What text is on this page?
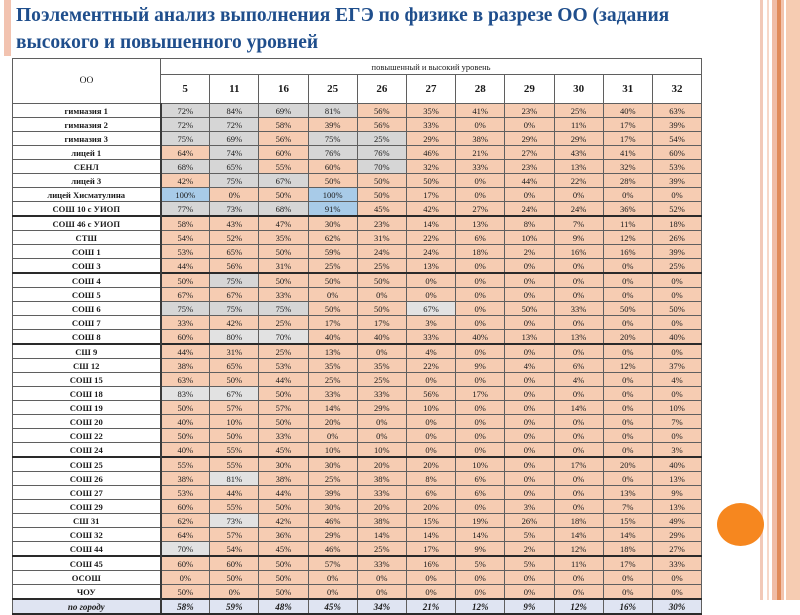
Поэлементный анализ выполнения ЕГЭ по физике в разрезе ОО (задания высокого и повышенного уровней
ОО	повышенный и высокий уровень										
	5	11	16	25	26	27	28	29	30	31	32
гимназия 1	72%	84%	69%	81%	56%	35%	41%	23%	25%	40%	63%
гимназия 2	72%	72%	58%	39%	56%	33%	0%	0%	11%	17%	39%
гимназия 3	75%	69%	56%	75%	25%	29%	38%	29%	29%	17%	54%
лицей 1	64%	74%	60%	76%	76%	46%	21%	27%	43%	41%	60%
СЕНЛ	68%	65%	55%	60%	70%	32%	33%	23%	13%	32%	53%
лицей 3	42%	75%	67%	50%	50%	50%	0%	44%	22%	28%	39%
лицей Хисматулина	100%	0%	50%	100%	50%	17%	0%	0%	0%	0%	0%
СОШ 10 с УИОП	77%	73%	68%	91%	45%	42%	27%	24%	24%	36%	52%
СОШ 46 с УИОП	58%	43%	47%	30%	23%	14%	13%	8%	7%	11%	18%
СТШ	54%	52%	35%	62%	31%	22%	6%	10%	9%	12%	26%
СОШ 1	53%	65%	50%	59%	24%	24%	18%	2%	16%	16%	39%
СОШ 3	44%	56%	31%	25%	25%	13%	0%	0%	0%	0%	25%
СОШ 4	50%	75%	50%	50%	50%	0%	0%	0%	0%	0%	0%
СОШ 5	67%	67%	33%	0%	0%	0%	0%	0%	0%	0%	0%
СОШ 6	75%	75%	75%	50%	50%	67%	0%	50%	33%	50%	50%
СОШ 7	33%	42%	25%	17%	17%	3%	0%	0%	0%	0%	0%
СОШ 8	60%	80%	70%	40%	40%	33%	40%	13%	13%	20%	40%
СШ 9	44%	31%	25%	13%	0%	4%	0%	0%	0%	0%	0%
СШ 12	38%	65%	53%	35%	35%	22%	9%	4%	6%	12%	37%
СОШ 15	63%	50%	44%	25%	25%	0%	0%	0%	4%	0%	4%
СОШ 18	83%	67%	50%	33%	33%	56%	17%	0%	0%	0%	0%
СОШ 19	50%	57%	57%	14%	29%	10%	0%	0%	14%	0%	10%
СОШ 20	40%	10%	50%	20%	0%	0%	0%	0%	0%	0%	7%
СОШ 22	50%	50%	33%	0%	0%	0%	0%	0%	0%	0%	0%
СОШ 24	40%	55%	45%	10%	10%	0%	0%	0%	0%	0%	3%
СОШ 25	55%	55%	30%	30%	20%	20%	10%	0%	17%	20%	40%
СОШ 26	38%	81%	38%	25%	38%	8%	6%	0%	0%	0%	13%
СОШ 27	53%	44%	44%	39%	33%	6%	6%	0%	0%	13%	9%
СОШ 29	60%	55%	50%	30%	20%	20%	0%	3%	0%	7%	13%
СШ 31	62%	73%	42%	46%	38%	15%	19%	26%	18%	15%	49%
СОШ 32	64%	57%	36%	29%	14%	14%	14%	5%	14%	14%	29%
СОШ 44	70%	54%	45%	46%	25%	17%	9%	2%	12%	18%	27%
СОШ 45	60%	60%	50%	57%	33%	16%	5%	5%	11%	17%	33%
ОСОШ	0%	50%	50%	0%	0%	0%	0%	0%	0%	0%	0%
ЧОУ	50%	0%	50%	0%	0%	0%	0%	0%	0%	0%	0%
по городу	58%	59%	48%	45%	34%	21%	12%	9%	12%	16%	30%
